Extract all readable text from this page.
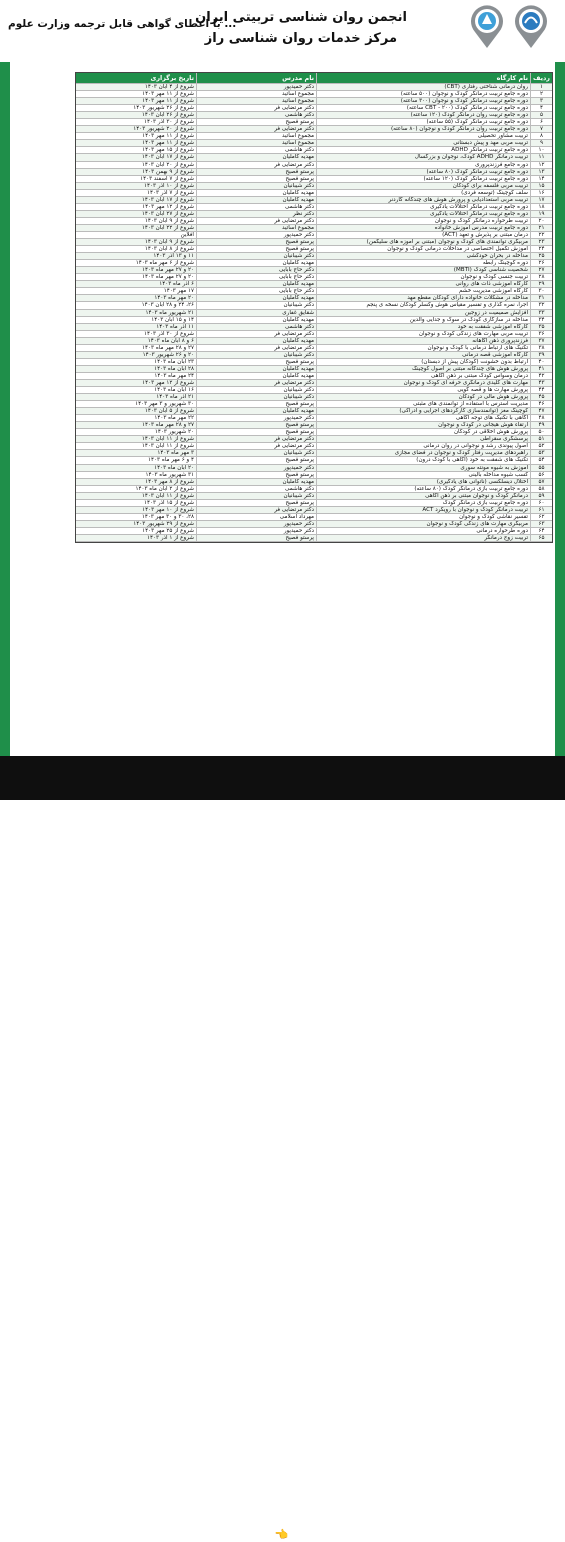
انجمن روان شناسی تربیتی ایران
مرکز خدمات روان شناسی راز
... با اعطای گواهی قابل ترجمه وزارت علوم
ردیف
نام کارگاه
نام مدرس
تاریخ برگزاری
۱
روان درمانی شناختی رفتاری (CBT)
دکتر حمیدپور
شروع از ۴ آبان ۱۴۰۳
۲
دوره جامع تربیت درمانگر کودک و نوجوان (۵۰۰ ساعته)
مجموع اساتید
شروع از ۱۱ مهر ۱۴۰۳
۳
دوره جامع تربیت درمانگر کودک و نوجوان (۳۰۰ ساعته)
مجموع اساتید
شروع از ۱۱ مهر ۱۴۰۳
۴
دوره جامع تربیت درمانگر کودک (CBT - ۲۰۰ ساعته)
دکتر مرتضایی فر
شروع از ۲۶ شهریور ۱۴۰۳
۵
دوره جامع تربیت روان درمانگر کودک (۱۲۰ ساعته)
دکتر هاشمی
شروع از ۲۶ آبان ۱۴۰۳
۶
دوره جامع تربیت درمانگر کودک (۵۵ ساعته)
پرستو فصیح
شروع از ۳۰ آذر ۱۴۰۳
۷
دوره جامع تربیت روان درمانگر کودک و نوجوان (۸۰ ساعته)
دکتر مرتضایی فر
شروع از ۲۰ شهریور ۱۴۰۳
۸
تربیت مشاور تحصیلی
مجموع اساتید
شروع از ۱۱ مهر ۱۴۰۳
۹
تربیت مربی مهد و پیش دبستانی
مجموع اساتید
شروع از ۱۱ مهر ۱۴۰۳
۱۰
دوره جامع تربیت درمانگر ADHD
دکتر هاشمی
شروع از ۱۵ مهر ۱۴۰۳
۱۱
تربیت درمانگر ADHD کودک، نوجوان و بزرگسال
مهدیه کاملیان
شروع از ۱۷ آبان ۱۴۰۳
۱۲
دوره جامع فرزندپروری
دکتر مرتضایی فر
شروع از ۲۰ آبان ۱۴۰۳
۱۳
دوره جامع تربیت درمانگر کودک (۸۰ ساعته)
پرستو فصیح
شروع از ۹ بهمن ۱۴۰۳
۱۴
دوره جامع تربیت درمانگر کودک (۱۲۰ ساعته)
پرستو فصیح
شروع از ۷ اسفند ۱۴۰۳
۱۵
تربیت مربی فلسفه برای کودکان
دکتر شیبانیان
شروع از ۱۰ آذر ۱۴۰۳
۱۶
سلف کوچینگ (توسعه فردی)
مهدیه کاملیان
شروع از ۷ آذر ۱۴۰۳
۱۷
تربیت مربی استعدادیابی و پرورش هوش های چندگانه گاردنر
مهدیه کاملیان
شروع از ۱۷ آبان ۱۴۰۳
۱۸
دوره جامع تربیت درمانگر اختلالات یادگیری
دکتر هاشمی
شروع از ۱۲ مهر ۱۴۰۳
۱۹
دوره جامع تربیت درمانگر اختلالات یادگیری
دکتر نظر
شروع از ۲۷ آبان ۱۴۰۳
۲۰
تربیت طرحواره درمانگر کودک و نوجوان
دکتر مرتضایی فر
شروع از ۹ آبان ۱۴۰۳
۲۱
دوره جامع تربیت مدرس آموزش خانواده
مجموع اساتید
شروع از ۲۲ آبان ۱۴۰۳
۲۲
درمان مبتنی بر پذیرش و تعهد (ACT)
دکتر حمیدپور
آفلاین
۲۳
مربیگری توانمندی های کودک و نوجوان (مبتنی بر آموزه های سلیگمن)
پرستو فصیح
شروع از ۹ آبان ۱۴۰۳
۲۴
آموزش تکمیل اختصاصی در مداخلات درمانی کودک و نوجوان
پرستو فصیح
شروع از ۸ آبان ۱۴۰۳
۲۵
مداخله در بحران خودکشی
دکتر شیبانیان
۱۱ و ۱۳ آذر ۱۴۰۳
۲۶
دوره کوچینگ رابطه
مهدیه کاملیان
شروع از ۶ مهر ماه ۱۴۰۳
۲۷
شخصیت شناسی کودک (MBTI)
دکتر حاج بابایی
۲۰ و ۲۷ مهر ماه ۱۴۰۳
۲۸
تربیت جنسی کودک و نوجوان
دکتر حاج بابایی
۲۰ و ۲۷ مهر ماه ۱۴۰۳
۲۹
کارگاه آموزشی ذات های روانی
مهدیه کاملیان
۶ آذر ماه ۱۴۰۳
۳۰
کارگاه آموزشی مدیریت خشم
دکتر حاج بابایی
۱۷ مهر ۱۴۰۳
۳۱
مداخله در مشکلات خانواده دارای کودکان مقطع مهد
مهدیه کاملیان
۲۰ مهر ماه ۱۴۰۳
۳۲
اجرا، نمره گذاری و تفسیر مقیاس هوش وکسلر کودکان نسخه ی پنجم
دکتر شیبانیان
۲۶، ۲۴ و ۲۸ آبان ۱۴۰۳
۳۳
افزایش صمیمیت در زوجین
شقایق غفاری
۲۱ شهریور ماه ۱۴۰۳
۳۴
مداخله در سازگاری کودک در سوگ و جدایی والدین
مهدیه کاملیان
۱۴ و ۱۵ آبان ۱۴۰۳
۳۵
کارگاه آموزشی شفقت به خود
دکتر هاشمی
۱۱ آذر ماه ۱۴۰۳
۳۶
تربیت مربی مهارت های زندگی کودک و نوجوان
دکتر مرتضایی فر
شروع از ۳۰ آذر ۱۴۰۳
۳۷
فرزندپروری ذهن آگاهانه
مهدیه کاملیان
۶ و ۸ آبان ماه ۱۴۰۳
۳۸
تکنیک های ارتباط درمانی با کودک و نوجوان
دکتر مرتضایی فر
۲۷ و ۲۸ مهر ماه ۱۴۰۳
۳۹
کارگاه آموزشی قصه درمانی
دکتر شیبانیان
۲۰ و ۲۶ شهریور ۱۴۰۳
۴۰
ارتباط بدون خشونت (کودکان پیش از دبستان)
پرستو فصیح
۲۳ آبان ماه ۱۴۰۳
۴۱
پرورش هوش های چندگانه مبتنی بر اصول کوچینگ
مهدیه کاملیان
۲۸ آبان ماه ۱۴۰۳
۴۲
درمان وسواس کودک مبتنی بر ذهن آگاهی
مهدیه کاملیان
۲۴ مهر ماه ۱۴۰۳
۴۳
مهارت های کلیدی درمانگری حرفه ای کودک و نوجوان
دکتر مرتضایی فر
شروع از ۱۲ مهر ۱۴۰۳
۴۴
پرورش مهارت ها و قصه گویی
دکتر شیبانیان
۱۶ آبان ماه ۱۴۰۳
۴۵
پرورش هوش مالی در کودکان
دکتر شیبانیان
۲۱ آذر ماه ۱۴۰۳
۴۶
مدیریت استرس با استفاده از توانمندی های مثبتی
پرستو فصیح
۳۰ شهریور و ۳ مهر ۱۴۰۳
۴۷
کوچینگ مغز (توانمندسازی کارکردهای اجرایی و ادراکی)
مهدیه کاملیان
شروع از ۵ آبان ۱۴۰۳
۴۸
آگاهی با تکنیک های توجه آگاهی
دکتر حمیدپور
۲۲ مهر ماه ۱۴۰۳
۴۹
ارتقاء هوش هیجانی در کودک و نوجوان
پرستو فصیح
۲۷ و ۲۸ مهر ماه ۱۴۰۳
۵۰
پرورش هوش اخلاقی در کودکان
پرستو فصیح
۲۰ شهریور ۱۴۰۳
۵۱
پرسشگری سقراطی
دکتر مرتضایی فر
شروع از ۱۱ آبان ۱۴۰۳
۵۲
اصول پیوندی رشد و نوجوانی در روان درمانی
دکتر مرتضایی فر
شروع از ۱۱ آبان ۱۴۰۳
۵۳
راهبردهای مدیریت رفتار کودک و نوجوان در فضای مجازی
دکتر شیبانیان
۳ مهر ماه ۱۴۰۳
۵۴
تکنیک های شفقت به خود (آگاهی با کودک درون)
پرستو فصیح
۴ و ۶ مهر ماه ۱۴۰۳
۵۵
آموزش به شیوه مونته سوری
دکتر حمیدپور
۲۰ آبان ماه ۱۴۰۳
۵۶
کسب شیوه مداخله بالینی
پرستو فصیح
۳۱ شهریور ماه ۱۴۰۳
۵۷
اختلال دیسلکسی (ناتوانی های یادگیری)
مهدیه کاملیان
شروع از ۸ مهر ۱۴۰۳
۵۸
دوره جامع تربیت بازی درمانگر کودک (۸۰ ساعته)
دکتر هاشمی
شروع از ۲ آبان ماه ۱۴۰۳
۵۹
درمانگر کودک و نوجوان مبتنی بر ذهن آگاهی
دکتر شیبانیان
شروع از ۱۱ آبان ۱۴۰۳
۶۰
دوره جامع تربیت بازی درمانگر کودک
پرستو فصیح
شروع از ۱۵ آذر ۱۴۰۳
۶۱
تربیت درمانگر کودک و نوجوان با رویکرد ACT
دکتر مرتضایی فر
شروع از ۱۰ مهر ۱۴۰۳
۶۲
تفسیر نقاشی کودک و نوجوان
مهرداد اسلامی
۲۸، ۳۰ و ۳۰ مهر ۱۴۰۳
۶۳
مربیگری مهارت های زندگی کودک و نوجوان
دکتر حمیدپور
شروع از ۲۹ شهریور ۱۴۰۳
۶۴
دوره طرحواره درمانی
دکتر حمیدپور
شروع از ۲۵ مهر ۱۴۰۳
۶۵
تربیت زوج درمانگر
پرستو فصیح
شروع از ۱ آذر ۱۴۰۳
۰۹۹۱۰۷۰۳۸۲۳	ثبت نام و اطلاعات تکمیلی فقط و فقط از طریق 👈
